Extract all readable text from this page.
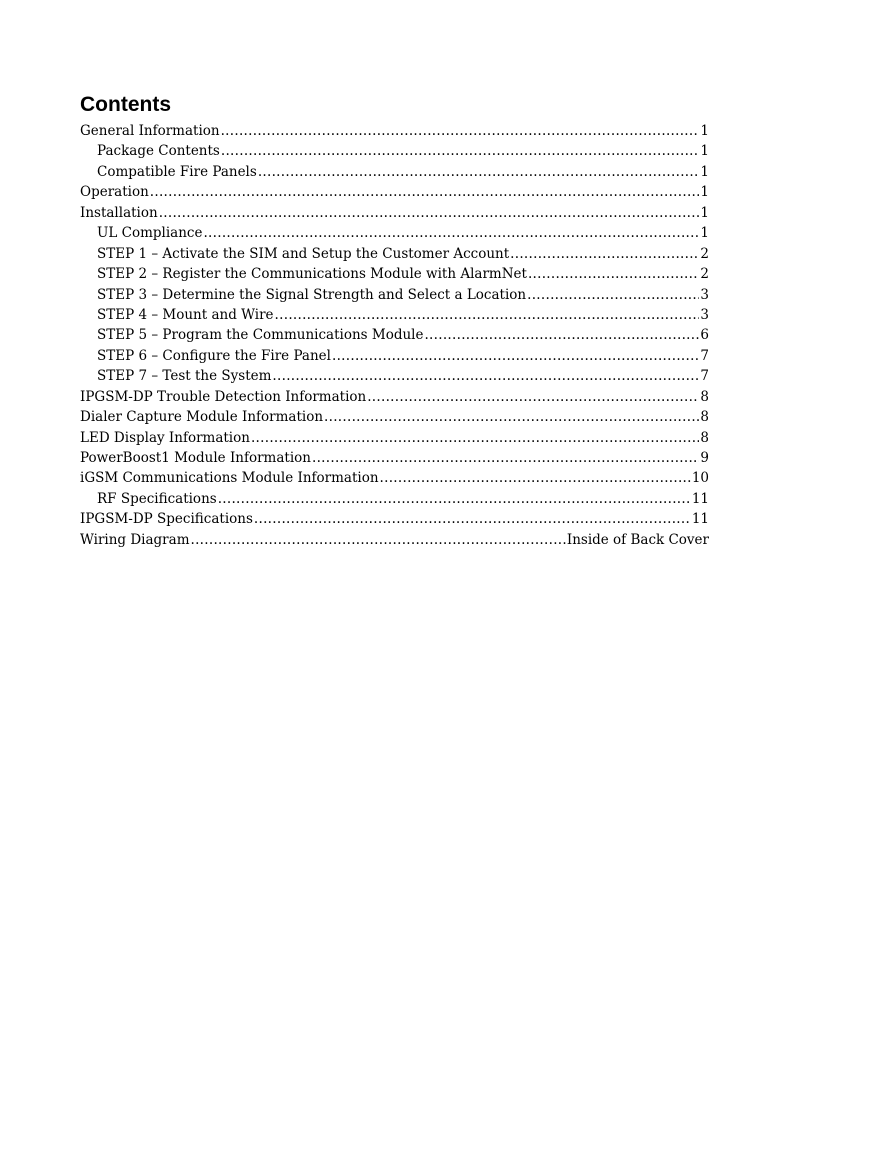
Contents
General Information .....	1
Package Contents .....	1
Compatible Fire Panels .....	1
Operation .....	1
Installation .....	1
UL Compliance .....	1
STEP 1 – Activate the SIM and Setup the Customer Account .....	2
STEP 2 – Register the Communications Module with AlarmNet .....	2
STEP 3 – Determine the Signal Strength and Select a Location .....	3
STEP 4 – Mount and Wire .....	3
STEP 5 – Program the Communications Module .....	6
STEP 6 – Configure the Fire Panel .....	7
STEP 7 – Test the System .....	7
IPGSM-DP Trouble Detection Information .....	8
Dialer Capture Module Information .....	8
LED Display Information .....	8
PowerBoost1 Module Information .....	9
iGSM Communications Module Information .....	10
RF Specifications .....	11
IPGSM-DP Specifications .....	11
Wiring Diagram .....	Inside of Back Cover
